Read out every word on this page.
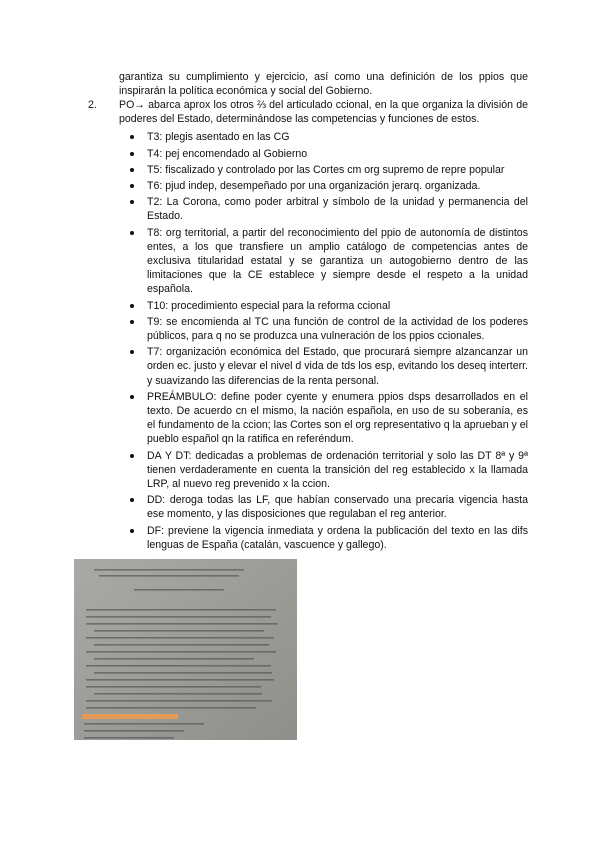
garantiza su cumplimiento y ejercicio, así como una definición de los ppios que inspirarán la política económica y social del Gobierno.

2. PO→ abarca aprox los otros ⅔ del articulado ccional, en la que organiza la división de poderes del Estado, determinándose las competencias y funciones de estos.
T3: plegis asentado en las CG
T4: pej encomendado al Gobierno
T5: fiscalizado y controlado por las Cortes cm org supremo de repre popular
T6: pjud indep, desempeñado por una organización jerarq. organizada.
T2: La Corona, como poder arbitral y símbolo de la unidad y permanencia del Estado.
T8: org territorial, a partir del reconocimiento del ppio de autonomía de distintos entes, a los que transfiere un amplio catálogo de competencias antes de exclusiva titularidad estatal y se garantiza un autogobierno dentro de las limitaciones que la CE establece y siempre desde el respeto a la unidad española.
T10: procedimiento especial para la reforma ccional
T9: se encomienda al TC una función de control de la actividad de los poderes públicos, para q no se produzca una vulneración de los ppios ccionales.
T7: organización económica del Estado, que procurará siempre alzancanzar un orden ec. justo y elevar el nivel d vida de tds los esp, evitando los deseq interterr. y suavizando las diferencias de la renta personal.
PREÁMBULO: define poder cyente y enumera ppios dsps desarrollados en el texto. De acuerdo cn el mismo, la nación española, en uso de su soberanía, es el fundamento de la ccion; las Cortes son el org representativo q la aprueban y el pueblo español qn la ratifica en referéndum.
DA Y DT: dedicadas a problemas de ordenación territorial y solo las DT 8ª y 9ª tienen verdaderamente en cuenta la transición del reg establecido x la llamada LRP, al nuevo reg prevenido x la ccion.
DD: deroga todas las LF, que habían conservado una precaria vigencia hasta ese momento, y las disposiciones que regulaban el reg anterior.
DF: previene la vigencia inmediata y ordena la publicación del texto en las difs lenguas de España (catalán, vascuence y gallego).
